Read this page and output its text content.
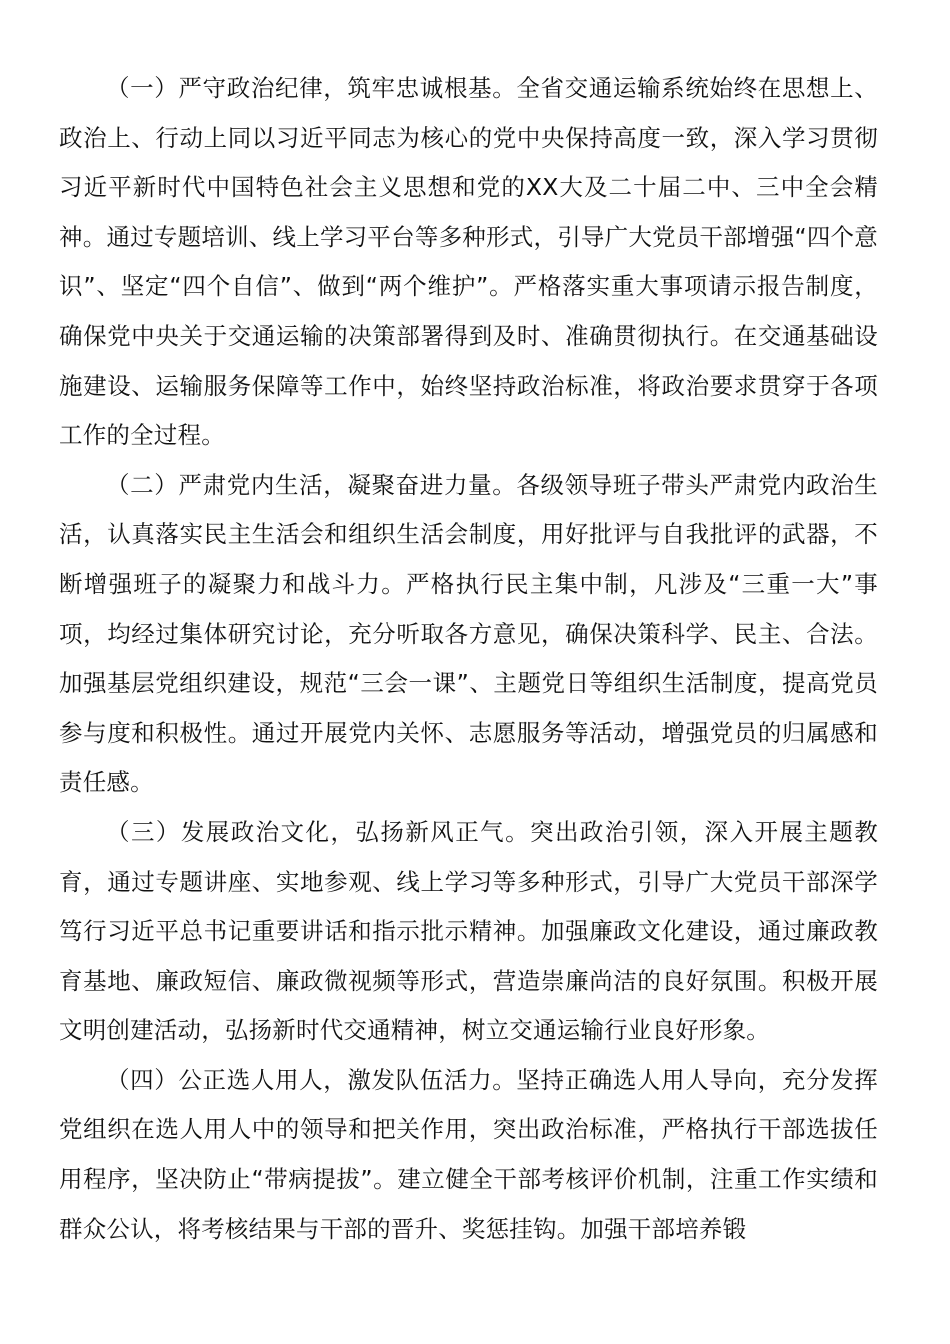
（一）严守政治纪律，筑牢忠诚根基。全省交通运输系统始终在思想上、政治上、行动上同以习近平同志为核心的党中央保持高度一致，深入学习贯彻习近平新时代中国特色社会主义思想和党的XX大及二十届二中、三中全会精神。通过专题培训、线上学习平台等多种形式，引导广大党员干部增强“四个意识”、坚定“四个自信”、做到“两个维护”。严格落实重大事项请示报告制度，确保党中央关于交通运输的决策部署得到及时、准确贯彻执行。在交通基础设施建设、运输服务保障等工作中，始终坚持政治标准，将政治要求贯穿于各项工作的全过程。

（二）严肃党内生活，凝聚奋进力量。各级领导班子带头严肃党内政治生活，认真落实民主生活会和组织生活会制度，用好批评与自我批评的武器，不断增强班子的凝聚力和战斗力。严格执行民主集中制，凡涉及“三重一大”事项，均经过集体研究讨论，充分听取各方意见，确保决策科学、民主、合法。加强基层党组织建设，规范“三会一课”、主题党日等组织生活制度，提高党员参与度和积极性。通过开展党内关怀、志愿服务等活动，增强党员的归属感和责任感。

（三）发展政治文化，弘扬新风正气。突出政治引领，深入开展主题教育，通过专题讲座、实地参观、线上学习等多种形式，引导广大党员干部深学笃行习近平总书记重要讲话和指示批示精神。加强廉政文化建设，通过廉政教育基地、廉政短信、廉政微视频等形式，营造崇廉尚洁的良好氛围。积极开展文明创建活动，弘扬新时代交通精神，树立交通运输行业良好形象。

（四）公正选人用人，激发队伍活力。坚持正确选人用人导向，充分发挥党组织在选人用人中的领导和把关作用，突出政治标准，严格执行干部选拔任用程序，坚决防止“带病提拔”。建立健全干部考核评价机制，注重工作实绩和群众公认，将考核结果与干部的晋升、奖惩挂钩。加强干部培养锻
